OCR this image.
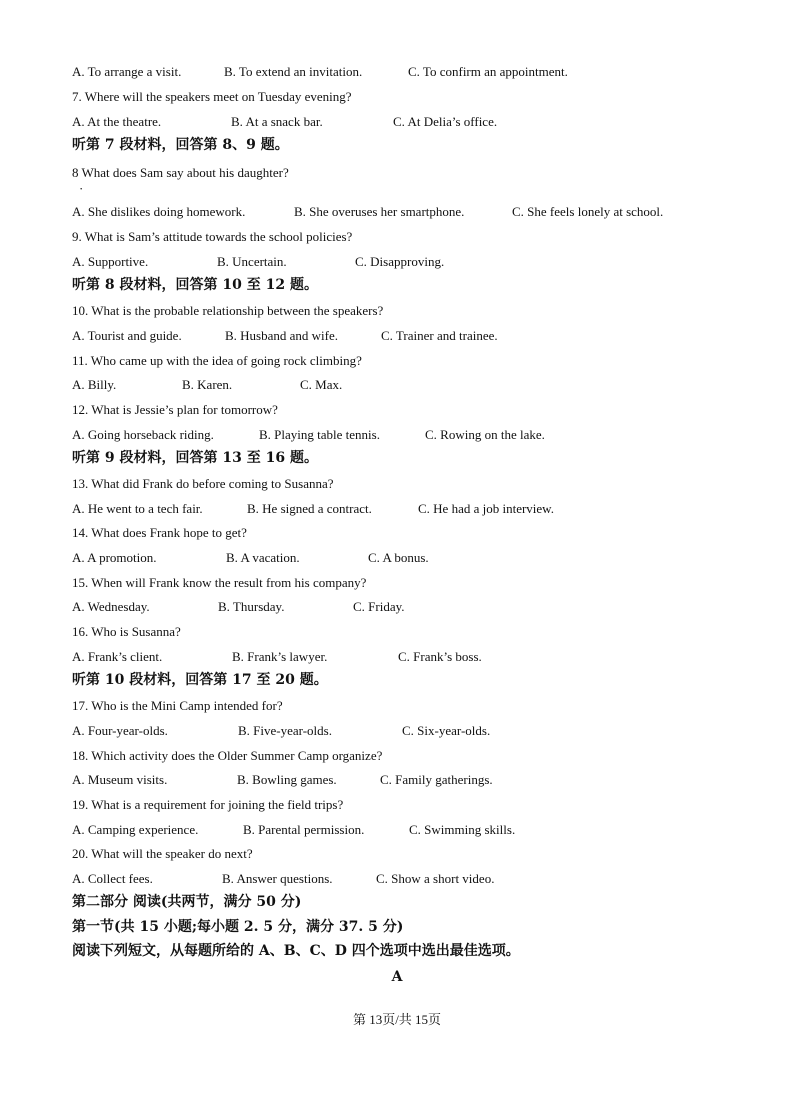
·
第 13页/共 15页
A. To arrange a visit.	B. To extend an invitation.	C. To confirm an appointment.
7. Where will the speakers meet on Tuesday evening?
A. At the theatre.	B. At a snack bar.	C. At Delia’s office.
听第 7 段材料，回答第 8、9 题。
8 What does Sam say about his daughter?
A. She dislikes doing homework.	B. She overuses her smartphone.	C. She feels lonely at school.
9. What is Sam’s attitude towards the school policies?
A. Supportive.	B. Uncertain.	C. Disapproving.
听第 8 段材料，回答第 10 至 12 题。
10. What is the probable relationship between the speakers?
A. Tourist and guide.	B. Husband and wife.	C. Trainer and trainee.
11. Who came up with the idea of going rock climbing?
A. Billy.	B. Karen.	C. Max.
12. What is Jessie’s plan for tomorrow?
A. Going horseback riding.	B. Playing table tennis.	C. Rowing on the lake.
听第 9 段材料，回答第 13 至 16 题。
13. What did Frank do before coming to Susanna?
A. He went to a tech fair.	B. He signed a contract.	C. He had a job interview.
14. What does Frank hope to get?
A. A promotion.	B. A vacation.	C. A bonus.
15. When will Frank know the result from his company?
A. Wednesday.	B. Thursday.	C. Friday.
16. Who is Susanna?
A. Frank’s client.	B. Frank’s lawyer.	C. Frank’s boss.
听第 10 段材料，回答第 17 至 20 题。
17. Who is the Mini Camp intended for?
A. Four-year-olds.	B. Five-year-olds.	C. Six-year-olds.
18. Which activity does the Older Summer Camp organize?
A. Museum visits.	B. Bowling games.	C. Family gatherings.
19. What is a requirement for joining the field trips?
A. Camping experience.	B. Parental permission.	C. Swimming skills.
20. What will the speaker do next?
A. Collect fees.	B. Answer questions.	C. Show a short video.
第二部分 阅读(共两节，满分 50 分)
第一节(共 15 小题;每小题 2. 5 分，满分 37. 5 分)
阅读下列短文，从每题所给的 A、B、C、D 四个选项中选出最佳选项。
A
